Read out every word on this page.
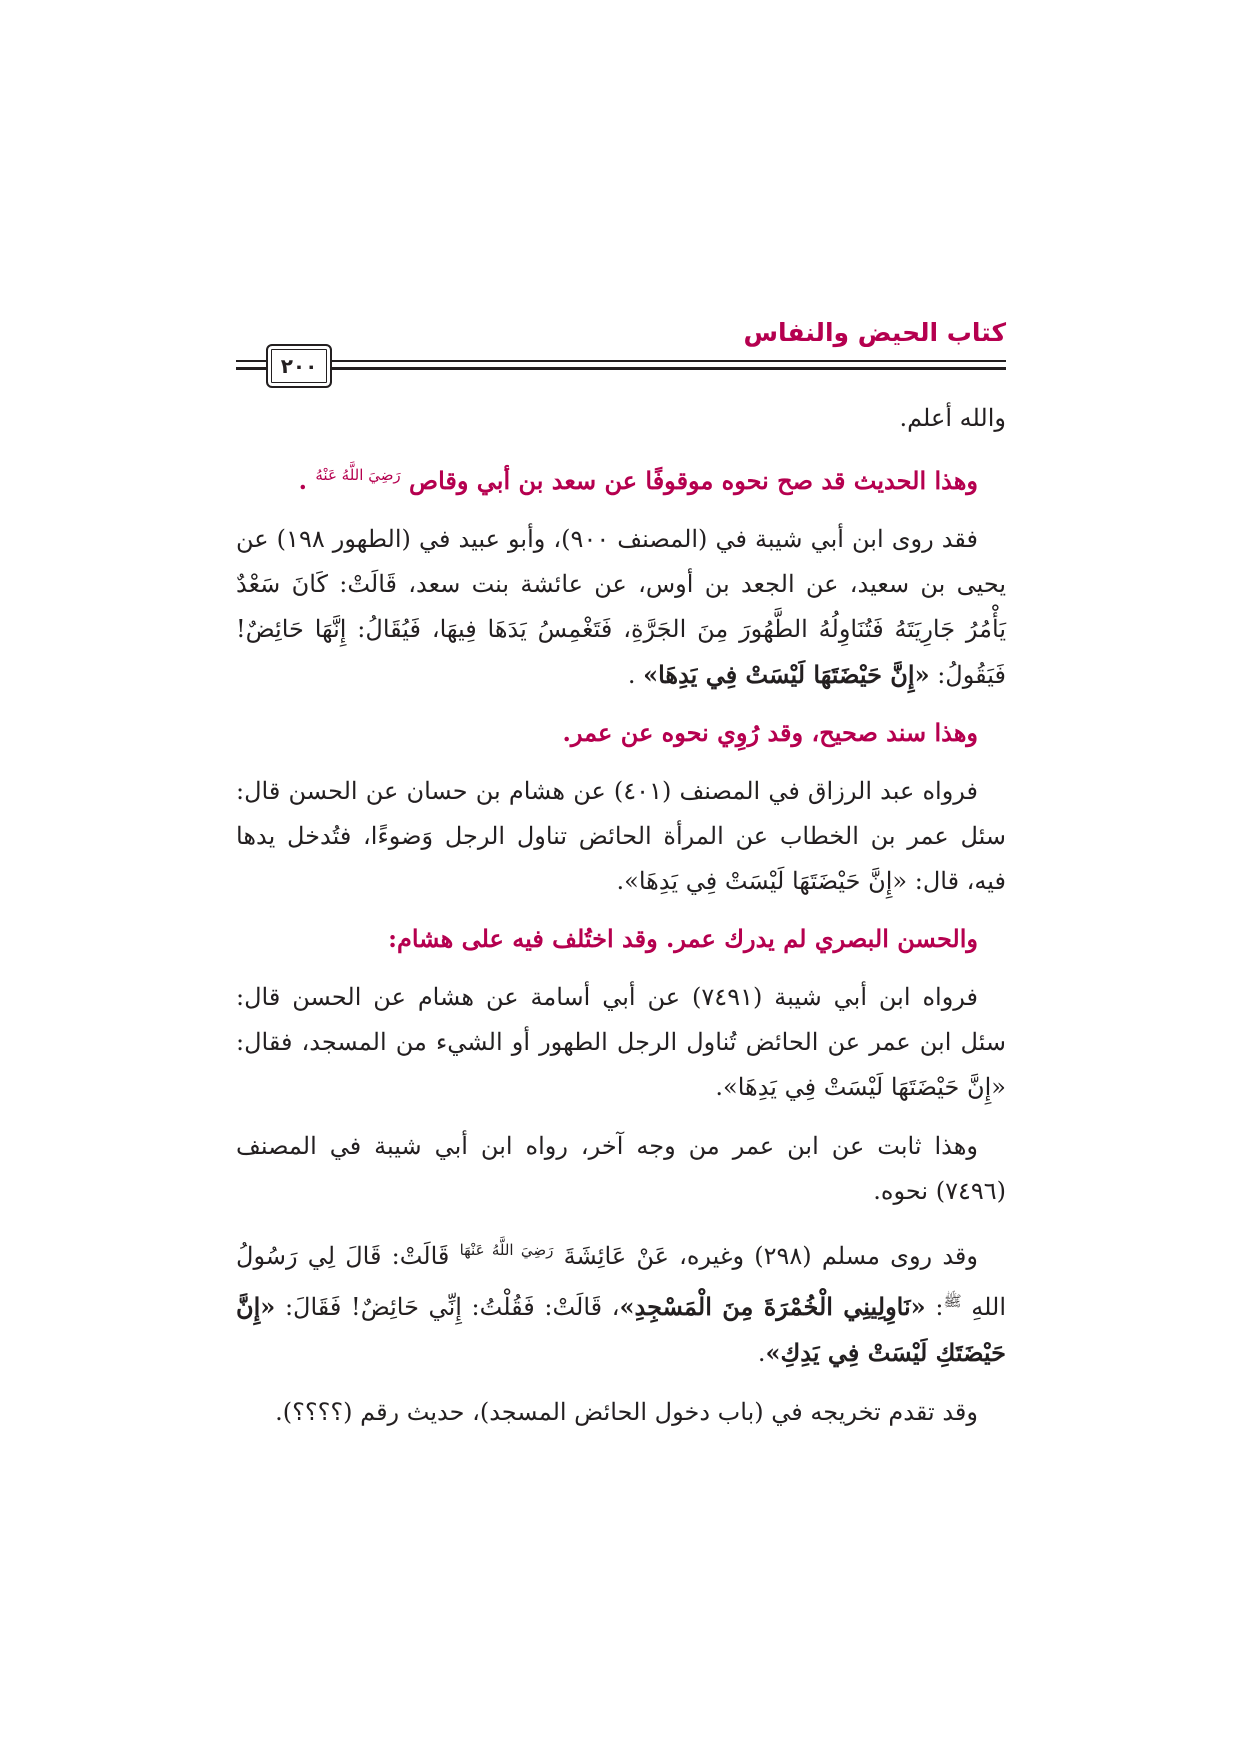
كتاب الحيض والنفاس
٢٠٠

والله أعلم.

وهذا الحديث قد صح نحوه موقوفًا عن سعد بن أبي وقاص $^{رَضِيَ اللَّهُ عَنْهُ}$ .

فقد روى ابن أبي شيبة في (المصنف ٩٠٠)، وأبو عبيد في (الطهور ١٩٨) عن يحيى بن سعيد، عن الجعد بن أوس، عن عائشة بنت سعد، قَالَتْ: كَانَ سَعْدٌ يَأْمُرُ جَارِيَتَهُ فَتُنَاوِلُهُ الطَّهُورَ مِنَ الجَرَّةِ، فَتَغْمِسُ يَدَهَا فِيهَا، فَيُقَالُ: إِنَّهَا حَائِضٌ! فَيَقُولُ: «إِنَّ حَيْضَتَهَا لَيْسَتْ فِي يَدِهَا» .

وهذا سند صحيح، وقد رُوِي نحوه عن عمر.

فرواه عبد الرزاق في المصنف (٤٠١) عن هشام بن حسان عن الحسن قال: سئل عمر بن الخطاب عن المرأة الحائض تناول الرجل وَضوءًا، فتُدخل يدها فيه، قال: «إِنَّ حَيْضَتَهَا لَيْسَتْ فِي يَدِهَا».

والحسن البصري لم يدرك عمر. وقد اختُلف فيه على هشام:

فرواه ابن أبي شيبة (٧٤٩١) عن أبي أسامة عن هشام عن الحسن قال: سئل ابن عمر عن الحائض تُناول الرجل الطهور أو الشيء من المسجد، فقال: «إِنَّ حَيْضَتَهَا لَيْسَتْ فِي يَدِهَا».

وهذا ثابت عن ابن عمر من وجه آخر، رواه ابن أبي شيبة في المصنف (٧٤٩٦) نحوه.

وقد روى مسلم (٢٩٨) وغيره، عَنْ عَائِشَةَ $^{رَضِيَ اللَّهُ عَنْهَا}$ قَالَتْ: قَالَ لِي رَسُولُ اللهِ $^ﷺ$: «نَاوِلِينِي الْخُمْرَةَ مِنَ الْمَسْجِدِ»، قَالَتْ: فَقُلْتُ: إِنِّي حَائِضٌ! فَقَالَ: «إِنَّ حَيْضَتَكِ لَيْسَتْ فِي يَدِكِ».

وقد تقدم تخريجه في (باب دخول الحائض المسجد)، حديث رقم (؟؟؟؟).
